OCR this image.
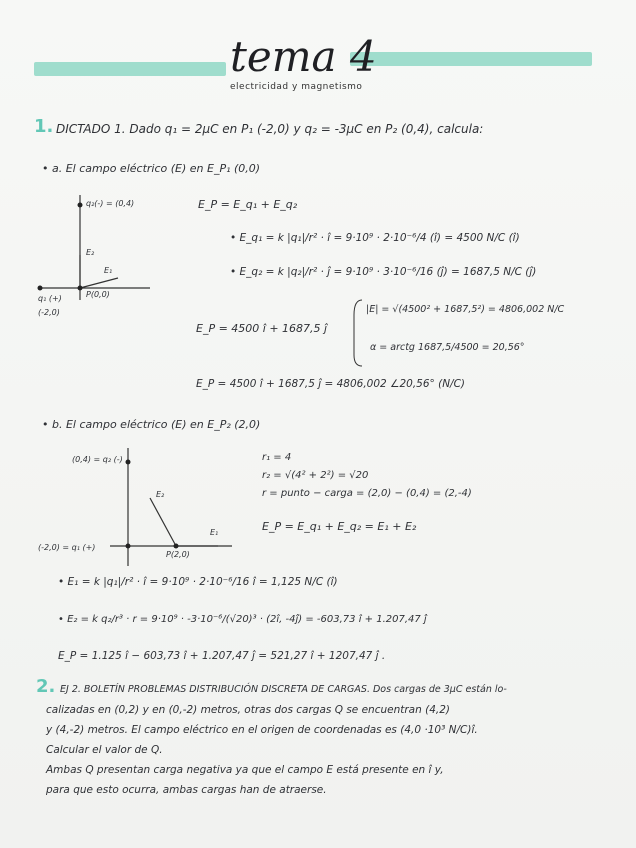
tema 4
electricidad y magnetismo
1. DICTADO 1. Dado q₁ = 2μC en P₁ (-2,0) y q₂ = -3μC en P₂ (0,4), calcula:
• a. El campo eléctrico (E) en E_P₁ (0,0)
q₂(-) = (0,4)
E₂
E₁
P(0,0)
q₁ (+)
(-2,0)
E_P = E_q₁ + E_q₂
• E_q₁ = k |q₁|/r² · î = 9·10⁹ · 2·10⁻⁶/4 (î) = 4500 N/C (î)
• E_q₂ = k |q₂|/r² · ĵ = 9·10⁹ · 3·10⁻⁶/16 (ĵ) = 1687,5 N/C (ĵ)
|E| = √(4500² + 1687,5²) = 4806,002 N/C
α = arctg 1687,5/4500 = 20,56°
E_P = 4500 î + 1687,5 ĵ
E_P = 4500 î + 1687,5 ĵ = 4806,002 ∠20,56° (N/C)
• b. El campo eléctrico (E) en E_P₂ (2,0)
(0,4) = q₂ (-)
E₂
E₁
(-2,0) = q₁ (+)
P(2,0)
r₁ = 4
r₂ = √(4² + 2²) = √20
r = punto − carga = (2,0) − (0,4) = (2,-4)
E_P = E_q₁ + E_q₂ = E₁ + E₂
• E₁ = k |q₁|/r² · î = 9·10⁹ · 2·10⁻⁶/16 î = 1,125 N/C (î)
• E₂ = k q₂/r³ · r = 9·10⁹ · -3·10⁻⁶/(√20)³ · (2î, -4ĵ) = -603,73 î + 1.207,47 ĵ
E_P = 1.125 î − 603,73 î + 1.207,47 ĵ = 521,27 î + 1207,47 ĵ .
2. EJ 2. BOLETÍN PROBLEMAS DISTRIBUCIÓN DISCRETA DE CARGAS. Dos cargas de 3μC están lo-
calizadas en (0,2) y en (0,-2) metros, otras dos cargas Q se encuentran (4,2)
y (4,-2) metros. El campo eléctrico en el origen de coordenadas es (4,0 ·10³ N/C)î.
Calcular el valor de Q.
Ambas Q presentan carga negativa ya que el campo E está presente en î y,
para que esto ocurra, ambas cargas han de atraerse.
